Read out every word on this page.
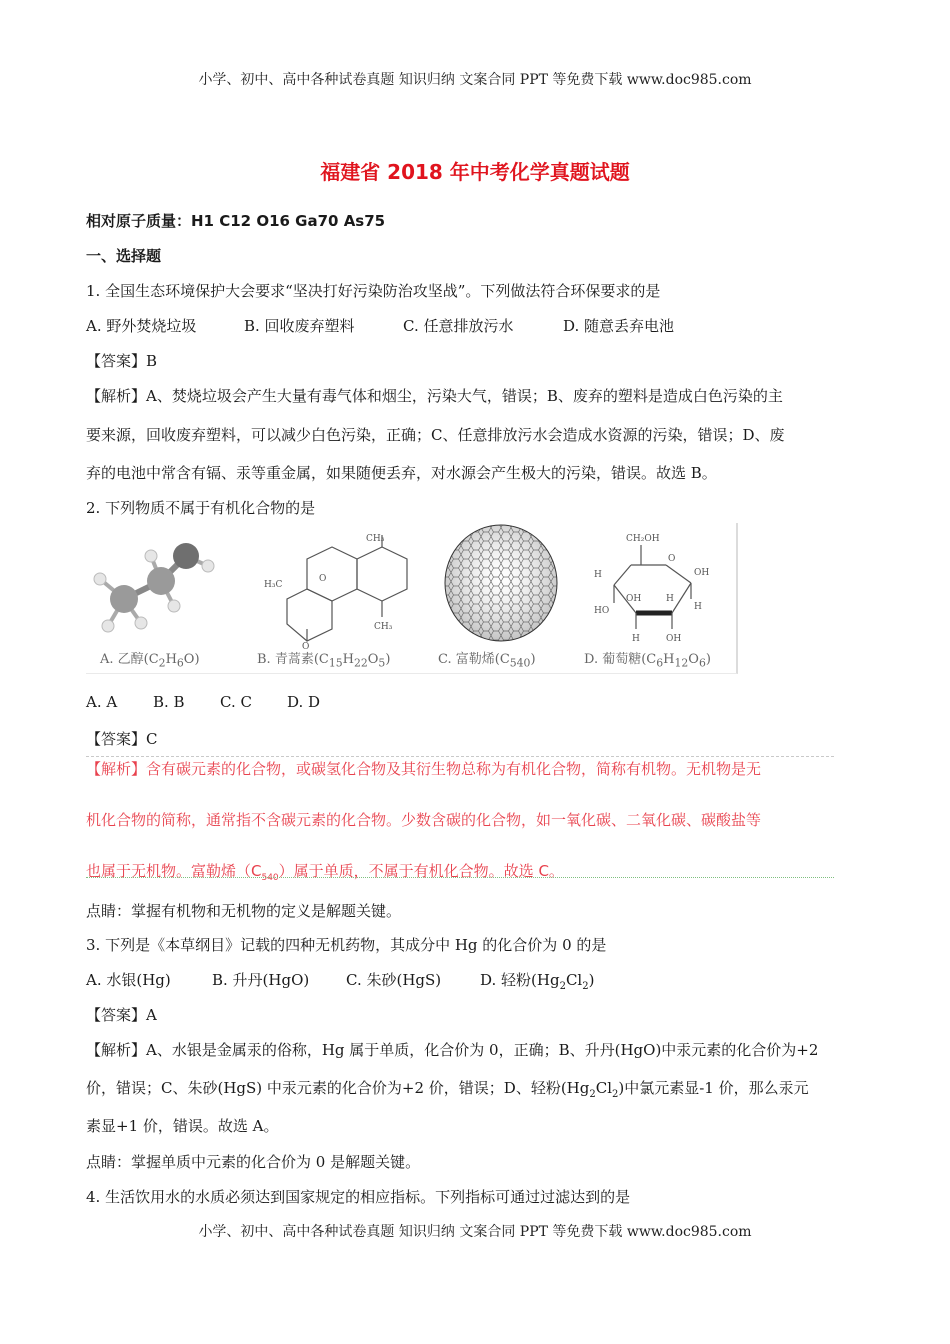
小学、初中、高中各种试卷真题 知识归纳 文案合同 PPT 等免费下载 www.doc985.com
福建省 2018 年中考化学真题试题
相对原子质量：H1 C12 O16 Ga70 As75
一、选择题
1. 全国生态环境保护大会要求“坚决打好污染防治攻坚战”。下列做法符合环保要求的是
A. 野外焚烧垃圾	B. 回收废弃塑料	C. 任意排放污水	D. 随意丢弃电池
【答案】B
【解析】A、焚烧垃圾会产生大量有毒气体和烟尘，污染大气，错误；B、废弃的塑料是造成白色污染的主
要来源，回收废弃塑料，可以减少白色污染，正确；C、任意排放污水会造成水资源的污染，错误；D、废
弃的电池中常含有镉、汞等重金属，如果随便丢弃，对水源会产生极大的污染，错误。故选 B。
2. 下列物质不属于有机化合物的是
CH₃
H₃C
O
CH₃
O
CH₂OH
O
OH
H
HO
OH	H
H
H	OH
A. 乙醇$(C_2H_6O)$	B. 青蒿素$(C_{15}H_{22}O_5)$	C. 富勒烯$(C_{540})$	D. 葡萄糖$(C_6H_{12}O_6)$
A. A B. B C. C D. D
【答案】C
【解析】含有碳元素的化合物，或碳氢化合物及其衍生物总称为有机化合物，简称有机物。无机物是无
机化合物的简称，通常指不含碳元素的化合物。少数含碳的化合物，如一氧化碳、二氧化碳、碳酸盐等
也属于无机物。富勒烯$(C_{540})$属于单质，不属于有机化合物。故选 C。
点睛：掌握有机物和无机物的定义是解题关键。
3. 下列是《本草纲目》记载的四种无机药物，其成分中 Hg 的化合价为 0 的是
A. 水银(Hg)	B. 升丹(HgO) C. 朱砂(HgS)	D. 轻粉$(Hg_2Cl_2)$
【答案】A
【解析】A、水银是金属汞的俗称，Hg 属于单质，化合价为 0，正确；B、升丹(HgO)中汞元素的化合价为+2
价，错误；C、朱砂(HgS) 中汞元素的化合价为+2 价，错误；D、轻粉$(Hg_2Cl_2)$中氯元素显-1 价，那么汞元
素显+1 价，错误。故选 A。
点睛：掌握单质中元素的化合价为 0 是解题关键。
4. 生活饮用水的水质必须达到国家规定的相应指标。下列指标可通过过滤达到的是
小学、初中、高中各种试卷真题 知识归纳 文案合同 PPT 等免费下载 www.doc985.com
